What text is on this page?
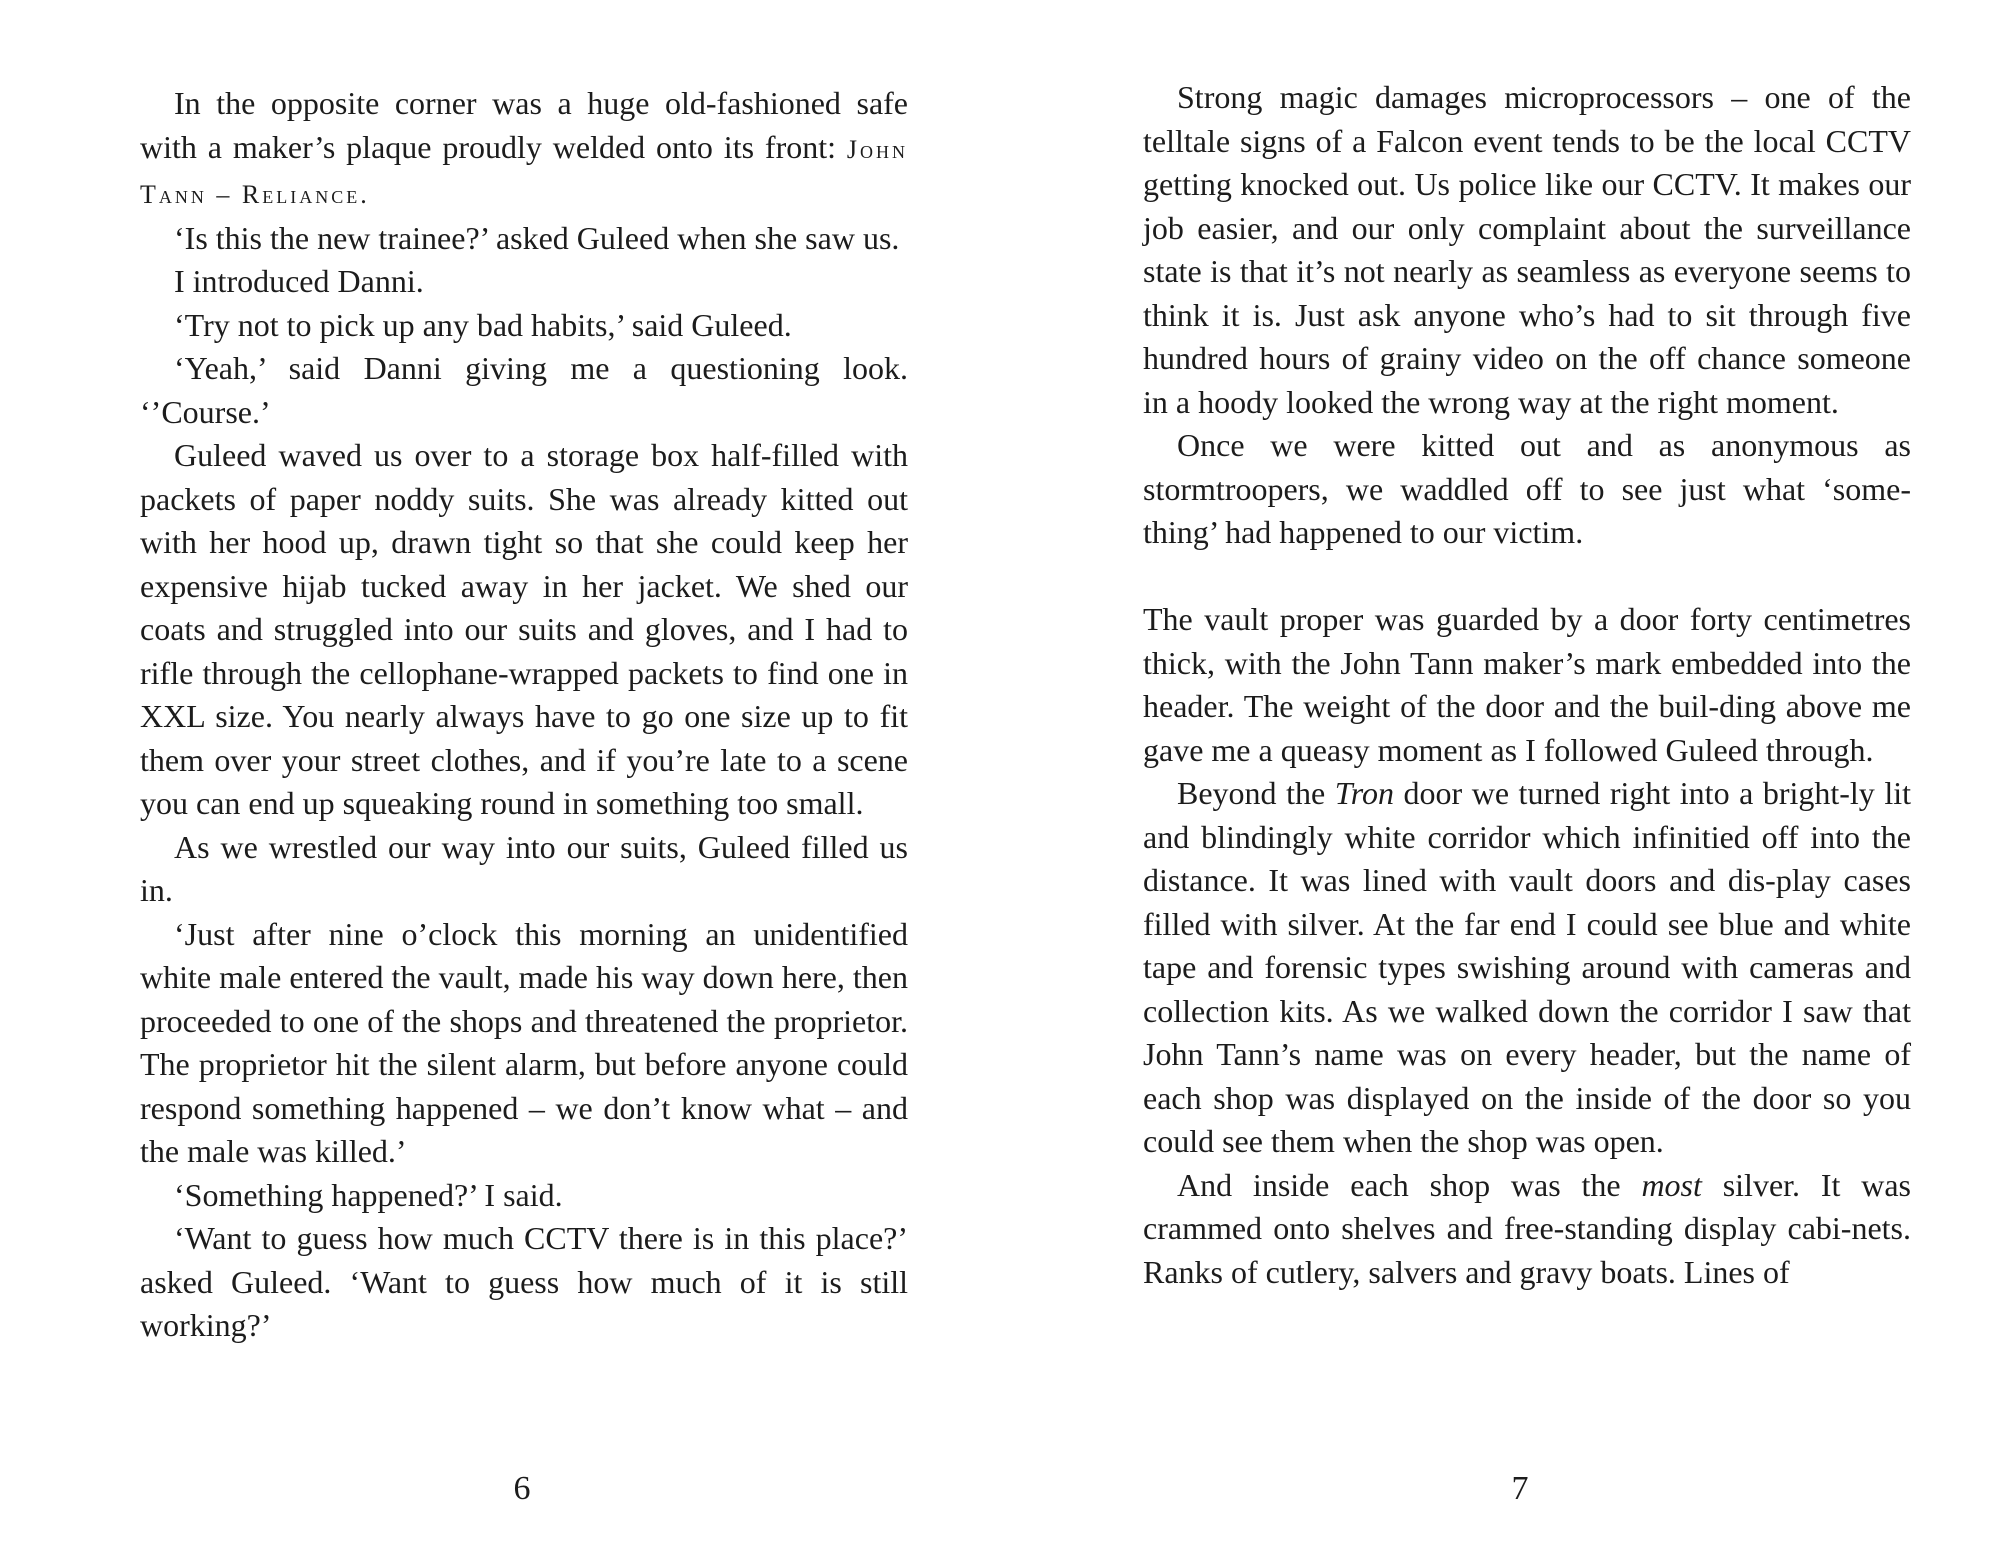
In the opposite corner was a huge old-fashioned safe with a maker’s plaque proudly welded onto its front: John Tann – Reliance.

‘Is this the new trainee?’ asked Guleed when she saw us.

I introduced Danni.

‘Try not to pick up any bad habits,’ said Guleed.

‘Yeah,’ said Danni giving me a questioning look. ‘’Course.’

Guleed waved us over to a storage box half-filled with packets of paper noddy suits. She was already kitted out with her hood up, drawn tight so that she could keep her expensive hijab tucked away in her jacket. We shed our coats and struggled into our suits and gloves, and I had to rifle through the cellophane-wrapped packets to find one in XXL size. You nearly always have to go one size up to fit them over your street clothes, and if you’re late to a scene you can end up squeaking round in something too small.

As we wrestled our way into our suits, Guleed filled us in.

‘Just after nine o’clock this morning an unidentified white male entered the vault, made his way down here, then proceeded to one of the shops and threatened the proprietor. The proprietor hit the silent alarm, but before anyone could respond something happened – we don’t know what – and the male was killed.’

‘Something happened?’ I said.

‘Want to guess how much CCTV there is in this place?’ asked Guleed. ‘Want to guess how much of it is still working?’

6

Strong magic damages microprocessors – one of the telltale signs of a Falcon event tends to be the local CCTV getting knocked out. Us police like our CCTV. It makes our job easier, and our only complaint about the surveillance state is that it’s not nearly as seamless as everyone seems to think it is. Just ask anyone who’s had to sit through five hundred hours of grainy video on the off chance someone in a hoody looked the wrong way at the right moment.

Once we were kitted out and as anonymous as stormtroopers, we waddled off to see just what ‘some-thing’ had happened to our victim.

The vault proper was guarded by a door forty centimetres thick, with the John Tann maker’s mark embedded into the header. The weight of the door and the buil-ding above me gave me a queasy moment as I followed Guleed through.

Beyond the Tron door we turned right into a bright-ly lit and blindingly white corridor which infinitied off into the distance. It was lined with vault doors and dis-play cases filled with silver. At the far end I could see blue and white tape and forensic types swishing around with cameras and collection kits. As we walked down the corridor I saw that John Tann’s name was on every header, but the name of each shop was displayed on the inside of the door so you could see them when the shop was open.

And inside each shop was the most silver. It was crammed onto shelves and free-standing display cabi-nets. Ranks of cutlery, salvers and gravy boats. Lines of

7
